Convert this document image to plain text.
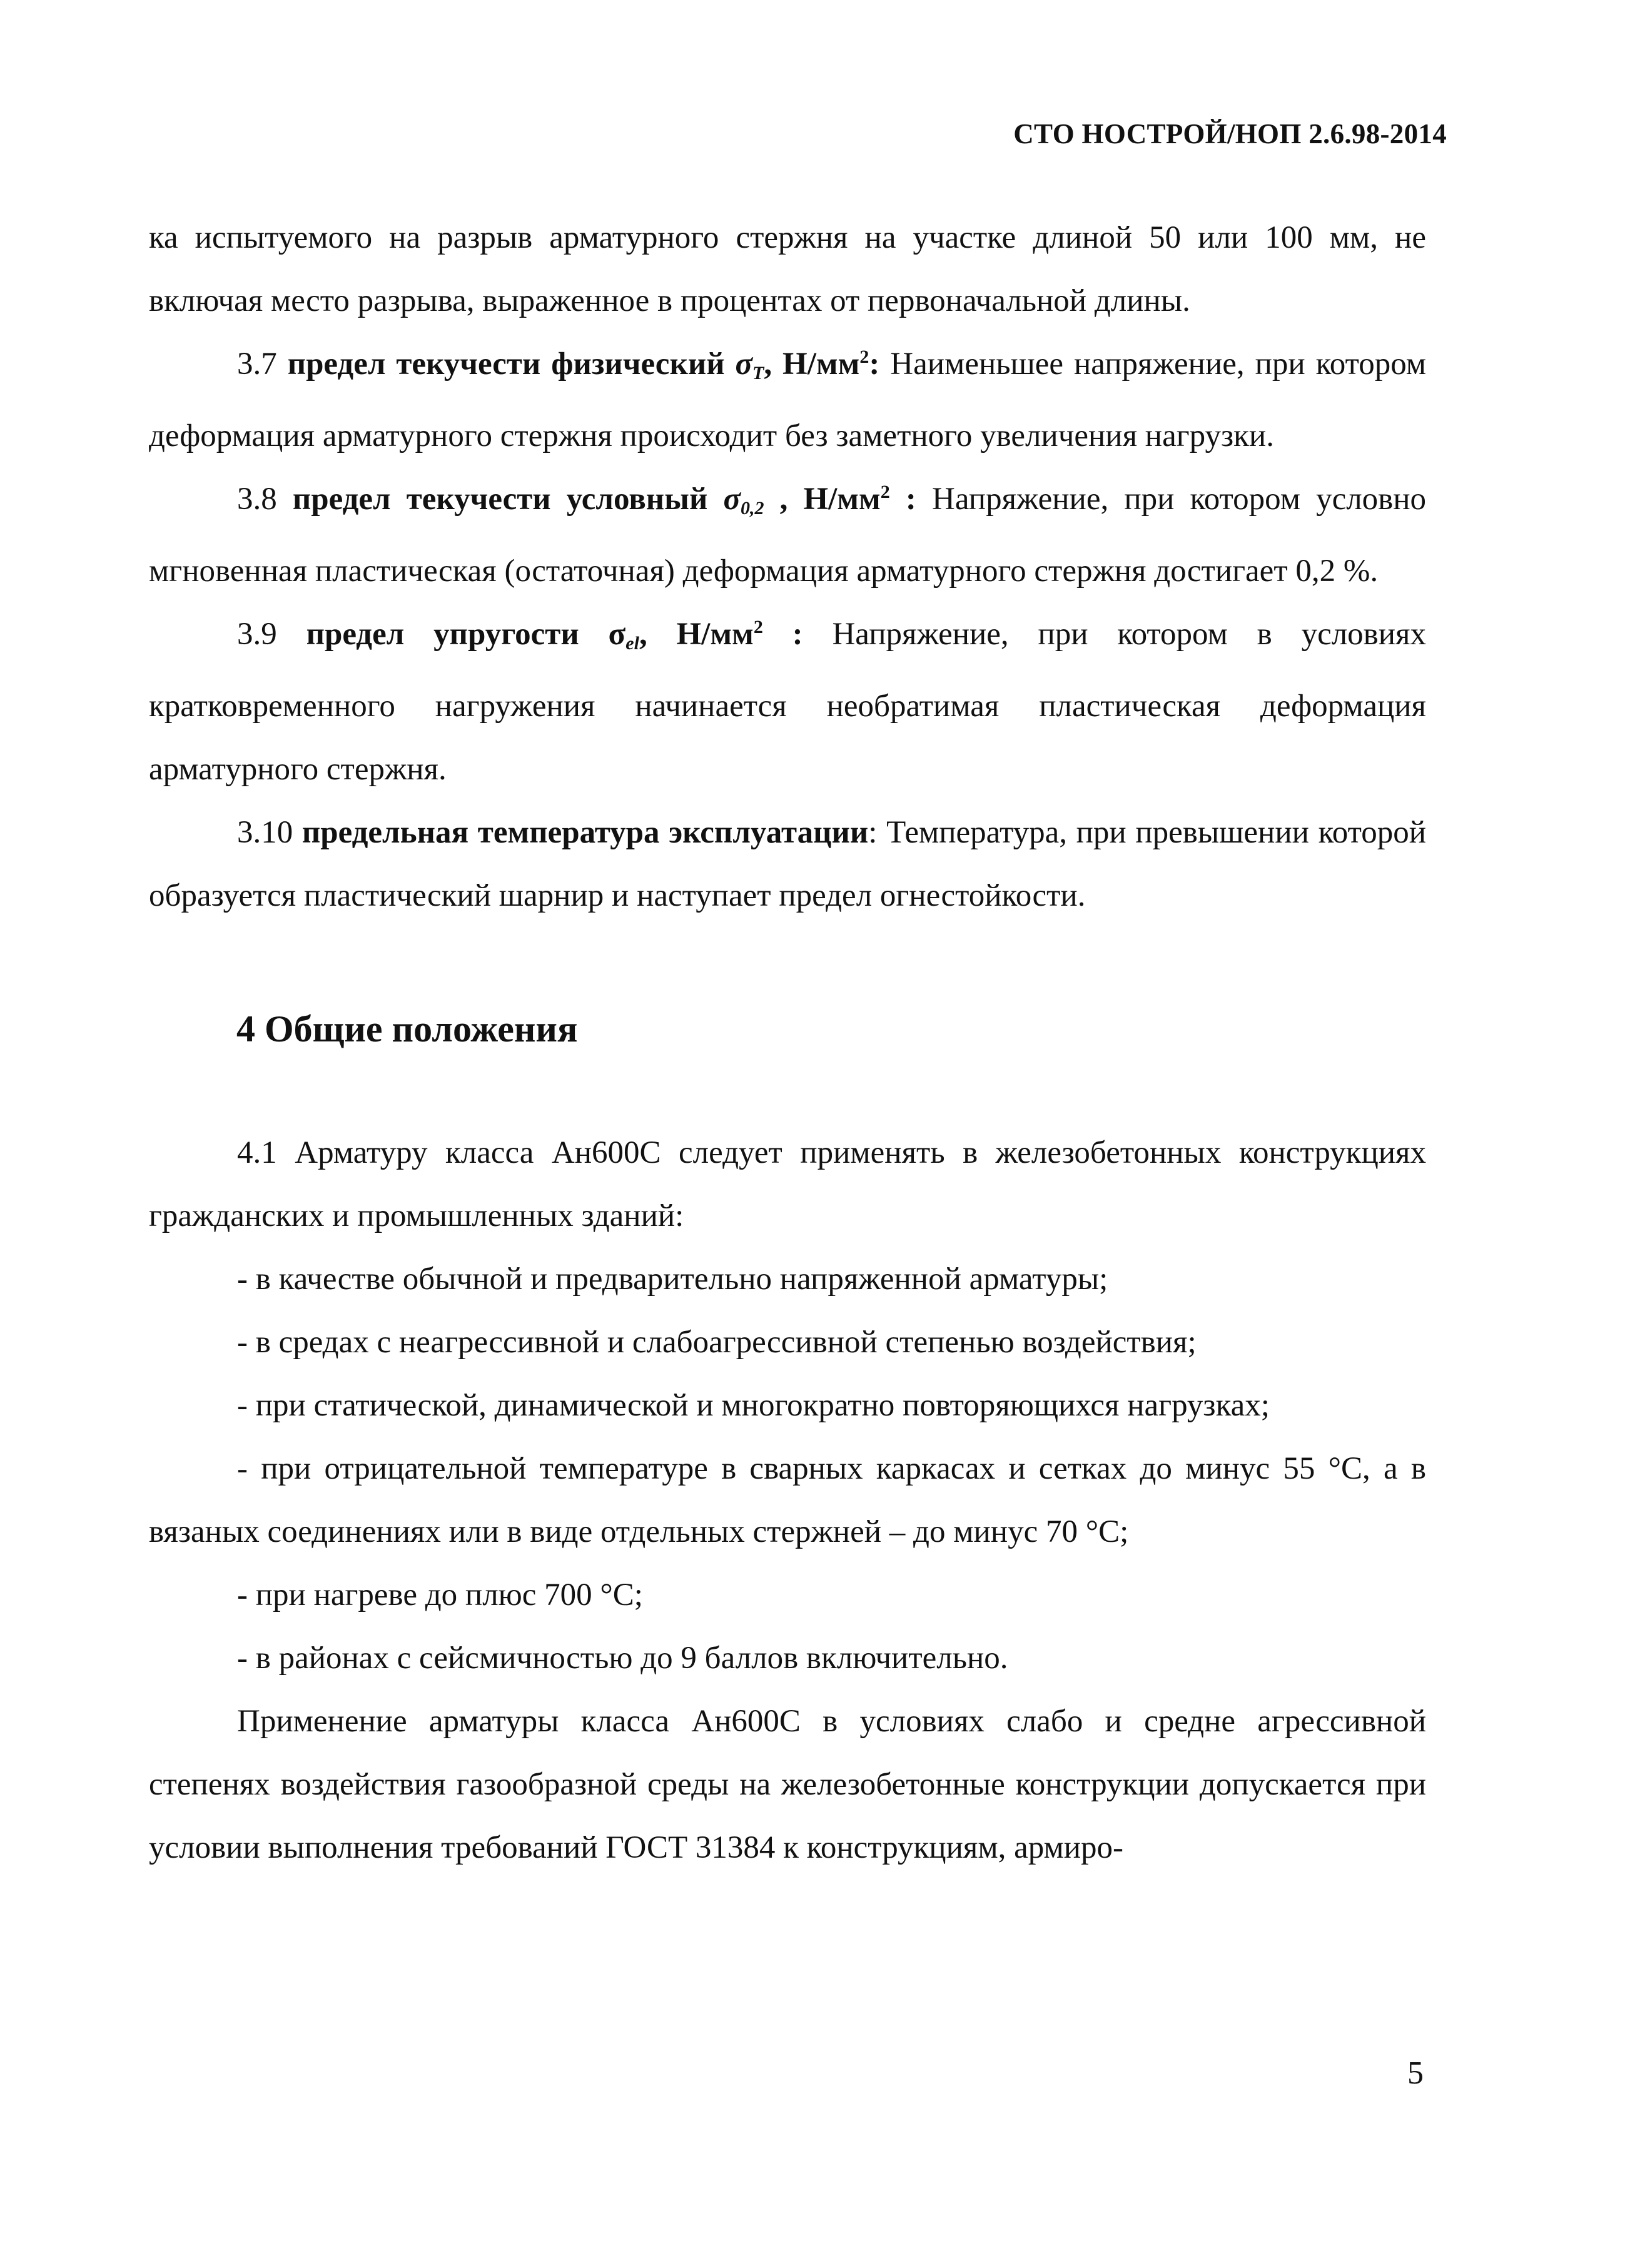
СТО НОСТРОЙ/НОП 2.6.98-2014

ка испытуемого на разрыв арматурного стержня на участке длиной 50 или 100 мм, не включая место разрыва, выраженное в процентах от первоначальной длины.

3.7 предел текучести физический $\sigma_T$, $Н/мм^2$: Наименьшее напряжение, при котором деформация арматурного стержня происходит без заметного увеличения нагрузки.

3.8 предел текучести условный $\sigma_{0,2}$ , $Н/мм^2$ : Напряжение, при котором условно мгновенная пластическая (остаточная) деформация арматурного стержня достигает 0,2 %.

3.9 предел упругости $\sigma_{el}$, $Н/мм^2$ : Напряжение, при котором в условиях кратковременного нагружения начинается необратимая пластическая деформация арматурного стержня.

3.10 предельная температура эксплуатации: Температура, при превышении которой образуется пластический шарнир и наступает предел огнестойкости.

4 Общие положения

4.1 Арматуру класса Ан600С следует применять в железобетонных конструкциях гражданских и промышленных зданий:

- в качестве обычной и предварительно напряженной арматуры;

- в средах с неагрессивной и слабоагрессивной степенью воздействия;

- при статической, динамической и многократно повторяющихся нагрузках;

- при отрицательной температуре в сварных каркасах и сетках до минус 55 °С, а в вязаных соединениях или в виде отдельных стержней – до минус 70 °С;

- при нагреве до плюс 700 °С;

- в районах с сейсмичностью до 9 баллов включительно.

Применение арматуры класса Ан600С в условиях слабо и средне агрессивной степенях воздействия газообразной среды на железобетонные конструкции допускается при условии выполнения требований ГОСТ 31384 к конструкциям, армиро-

5
